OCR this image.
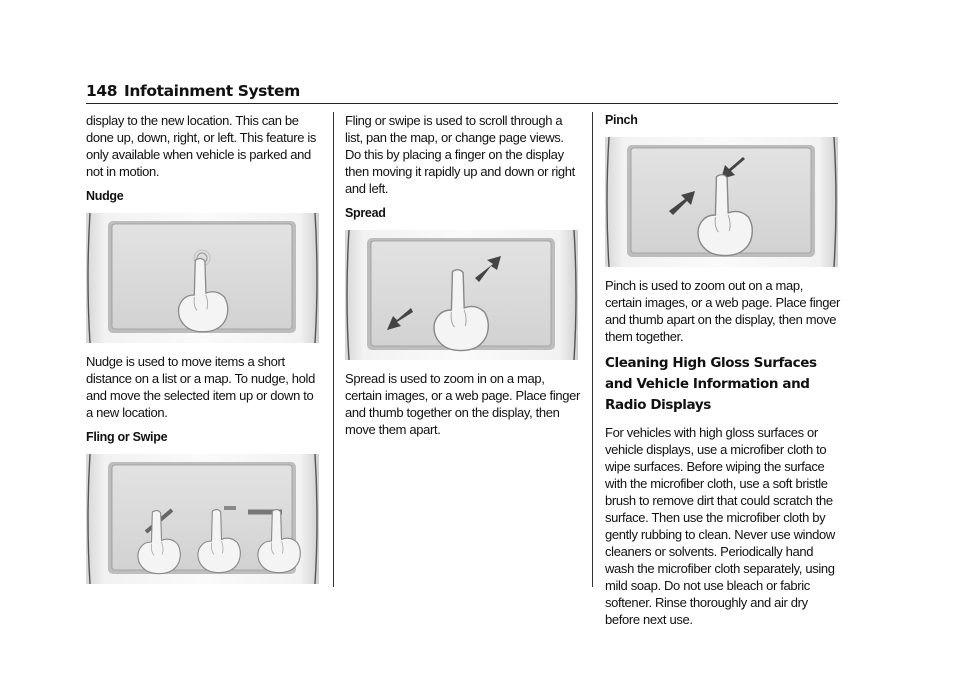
148 Infotainment System

display to the new location. This can be done up, down, right, or left. This feature is only available when vehicle is parked and not in motion.

Nudge

Nudge is used to move items a short distance on a list or a map. To nudge, hold and move the selected item up or down to a new location.

Fling or Swipe

Fling or swipe is used to scroll through a list, pan the map, or change page views. Do this by placing a finger on the display then moving it rapidly up and down or right and left.

Spread

Spread is used to zoom in on a map, certain images, or a web page. Place finger and thumb together on the display, then move them apart.

Pinch

Pinch is used to zoom out on a map, certain images, or a web page. Place finger and thumb apart on the display, then move them together.

Cleaning High Gloss Surfaces and Vehicle Information and Radio Displays

For vehicles with high gloss surfaces or vehicle displays, use a microfiber cloth to wipe surfaces. Before wiping the surface with the microfiber cloth, use a soft bristle brush to remove dirt that could scratch the surface. Then use the microfiber cloth by gently rubbing to clean. Never use window cleaners or solvents. Periodically hand wash the microfiber cloth separately, using mild soap. Do not use bleach or fabric softener. Rinse thoroughly and air dry before next use.
